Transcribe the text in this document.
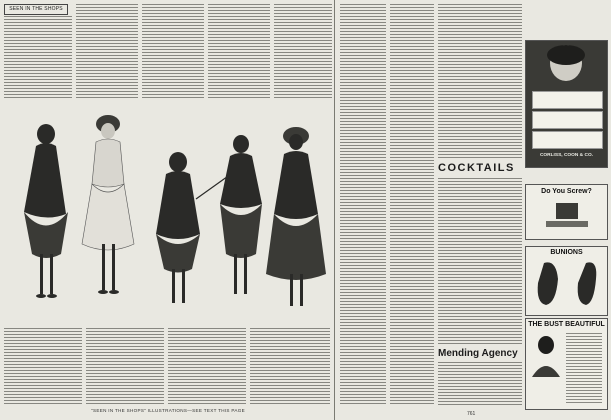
SEEN IN THE SHOPS
"SEEN IN THE SHOPS" ILLUSTRATIONS—SEE TEXT THIS PAGE
COCKTAILS
Mending Agency
761
CORLISS, COON & CO.
Do You Screw?
BUNIONS
THE BUST BEAUTIFUL
